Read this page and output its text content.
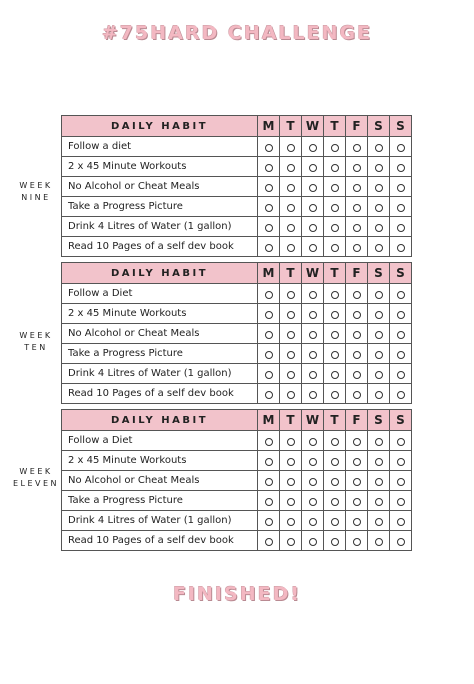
#75HARD CHALLENGE
WEEK
NINE
DAILY HABIT	M	T	W	T	F	S	S
Follow a diet							
2 x 45 Minute Workouts							
No Alcohol or Cheat Meals							
Take a Progress Picture							
Drink 4 Litres of Water (1 gallon)							
Read 10 Pages of a self dev book							
WEEK
TEN
DAILY HABIT	M	T	W	T	F	S	S
Follow a Diet							
2 x 45 Minute Workouts							
No Alcohol or Cheat Meals							
Take a Progress Picture							
Drink 4 Litres of Water (1 gallon)							
Read 10 Pages of a self dev book							
WEEK
ELEVEN
DAILY HABIT	M	T	W	T	F	S	S
Follow a Diet							
2 x 45 Minute Workouts							
No Alcohol or Cheat Meals							
Take a Progress Picture							
Drink 4 Litres of Water (1 gallon)							
Read 10 Pages of a self dev book							
FINISHED!
